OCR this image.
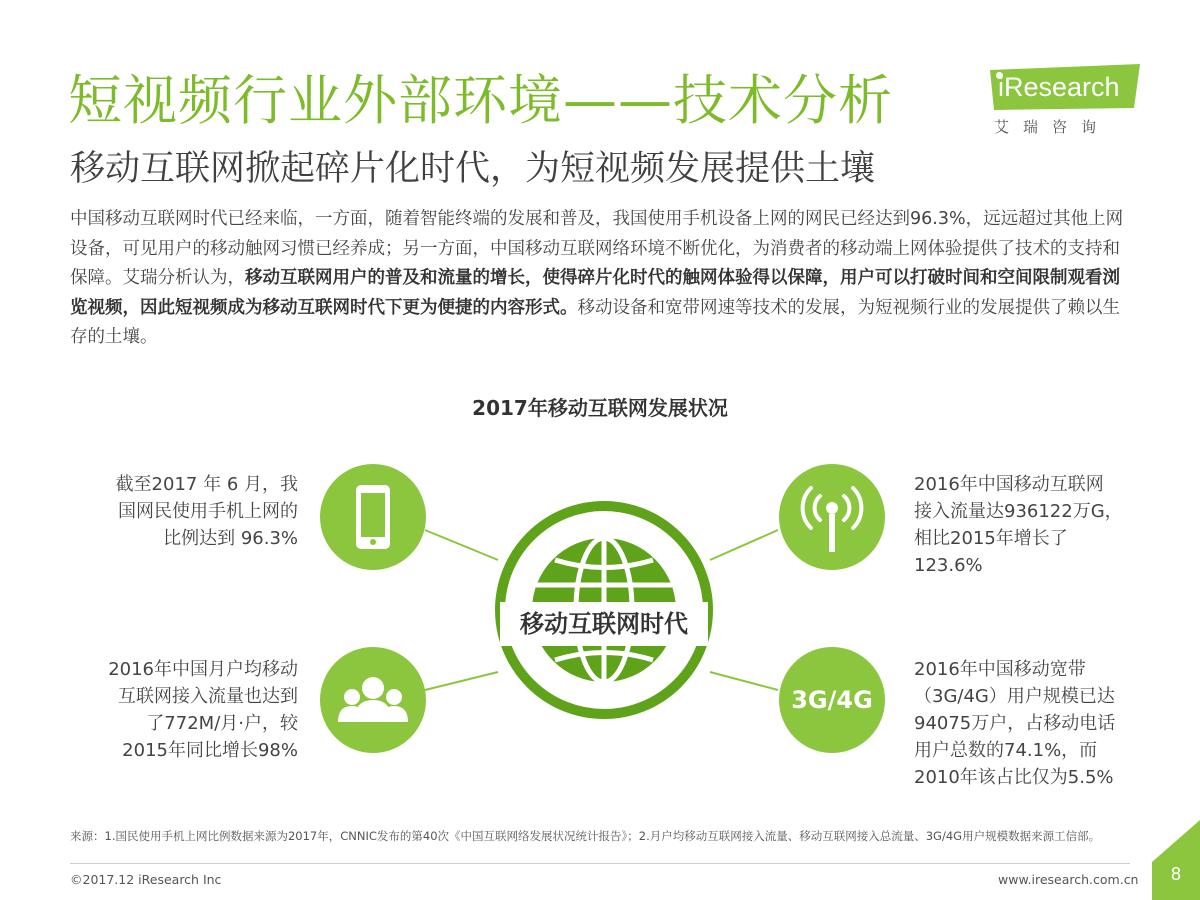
短视频行业外部环境——技术分析
移动互联网掀起碎片化时代，为短视频发展提供土壤
iResearch
艾瑞咨询
中国移动互联网时代已经来临，一方面，随着智能终端的发展和普及，我国使用手机设备上网的网民已经达到96.3%，远远超过其他上网设备，可见用户的移动触网习惯已经养成；另一方面，中国移动互联网络环境不断优化，为消费者的移动端上网体验提供了技术的支持和保障。艾瑞分析认为，移动互联网用户的普及和流量的增长，使得碎片化时代的触网体验得以保障，用户可以打破时间和空间限制观看浏览视频，因此短视频成为移动互联网时代下更为便捷的内容形式。移动设备和宽带网速等技术的发展，为短视频行业的发展提供了赖以生存的土壤。
2017年移动互联网发展状况
3G/4G
移动互联网时代
截至2017 年 6 月，我
国网民使用手机上网的
比例达到 96.3%
2016年中国移动互联网
接入流量达936122万G，
相比2015年增长了
123.6%
2016年中国月户均移动
互联网接入流量也达到
了772M/月·户，较
2015年同比增长98%
2016年中国移动宽带
（3G/4G）用户规模已达
94075万户，占移动电话
用户总数的74.1%，而
2010年该占比仅为5.5%
来源：1.国民使用手机上网比例数据来源为2017年，CNNIC发布的第40次《中国互联网络发展状况统计报告》；2.月户均移动互联网接入流量、移动互联网接入总流量、3G/4G用户规模数据来源工信部。
©2017.12 iResearch Inc	www.iresearch.com.cn 8
